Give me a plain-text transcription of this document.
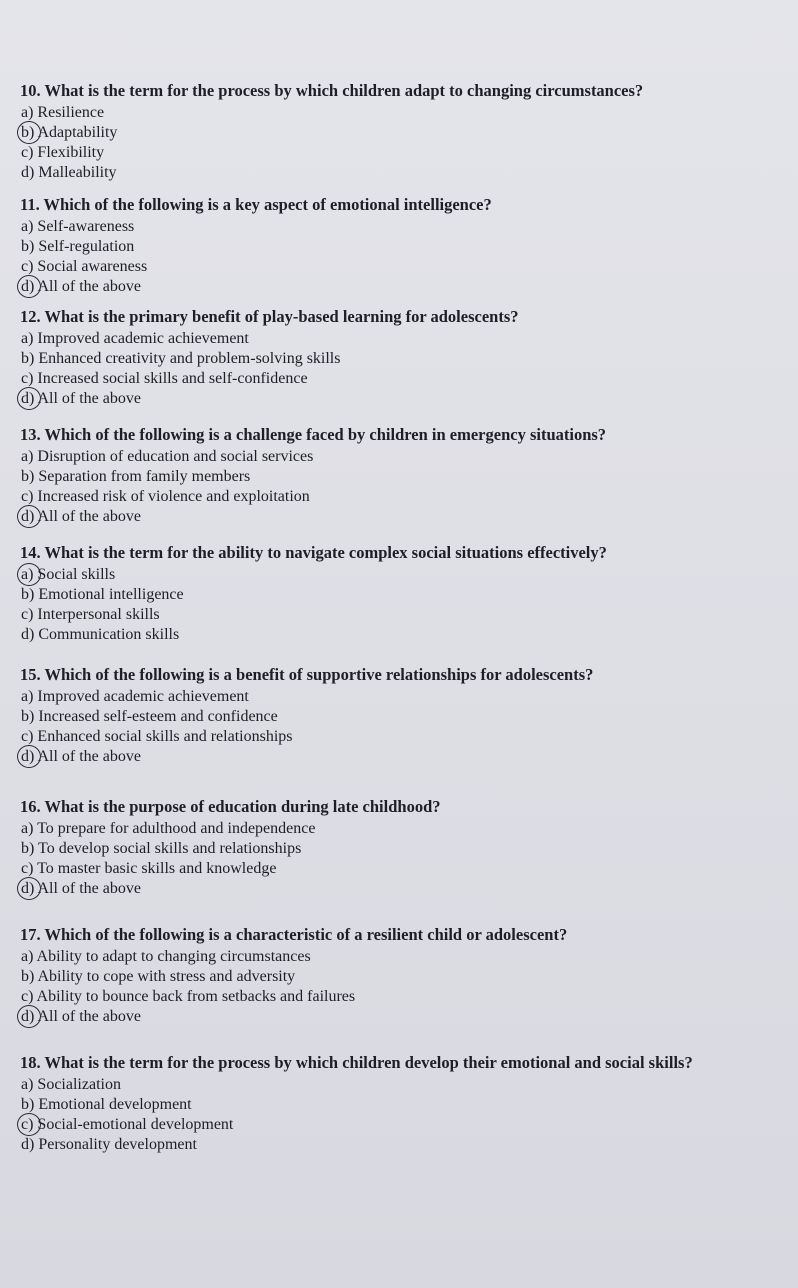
10. What is the term for the process by which children adapt to changing circumstances?
a) Resilience
b) Adaptability
c) Flexibility
d) Malleability
11. Which of the following is a key aspect of emotional intelligence?
a) Self-awareness
b) Self-regulation
c) Social awareness
d) All of the above
12. What is the primary benefit of play-based learning for adolescents?
a) Improved academic achievement
b) Enhanced creativity and problem-solving skills
c) Increased social skills and self-confidence
d) All of the above
13. Which of the following is a challenge faced by children in emergency situations?
a) Disruption of education and social services
b) Separation from family members
c) Increased risk of violence and exploitation
d) All of the above
14. What is the term for the ability to navigate complex social situations effectively?
a) Social skills
b) Emotional intelligence
c) Interpersonal skills
d) Communication skills
15. Which of the following is a benefit of supportive relationships for adolescents?
a) Improved academic achievement
b) Increased self-esteem and confidence
c) Enhanced social skills and relationships
d) All of the above
16. What is the purpose of education during late childhood?
a) To prepare for adulthood and independence
b) To develop social skills and relationships
c) To master basic skills and knowledge
d) All of the above
17. Which of the following is a characteristic of a resilient child or adolescent?
a) Ability to adapt to changing circumstances
b) Ability to cope with stress and adversity
c) Ability to bounce back from setbacks and failures
d) All of the above
18. What is the term for the process by which children develop their emotional and social skills?
a) Socialization
b) Emotional development
c) Social-emotional development
d) Personality development
